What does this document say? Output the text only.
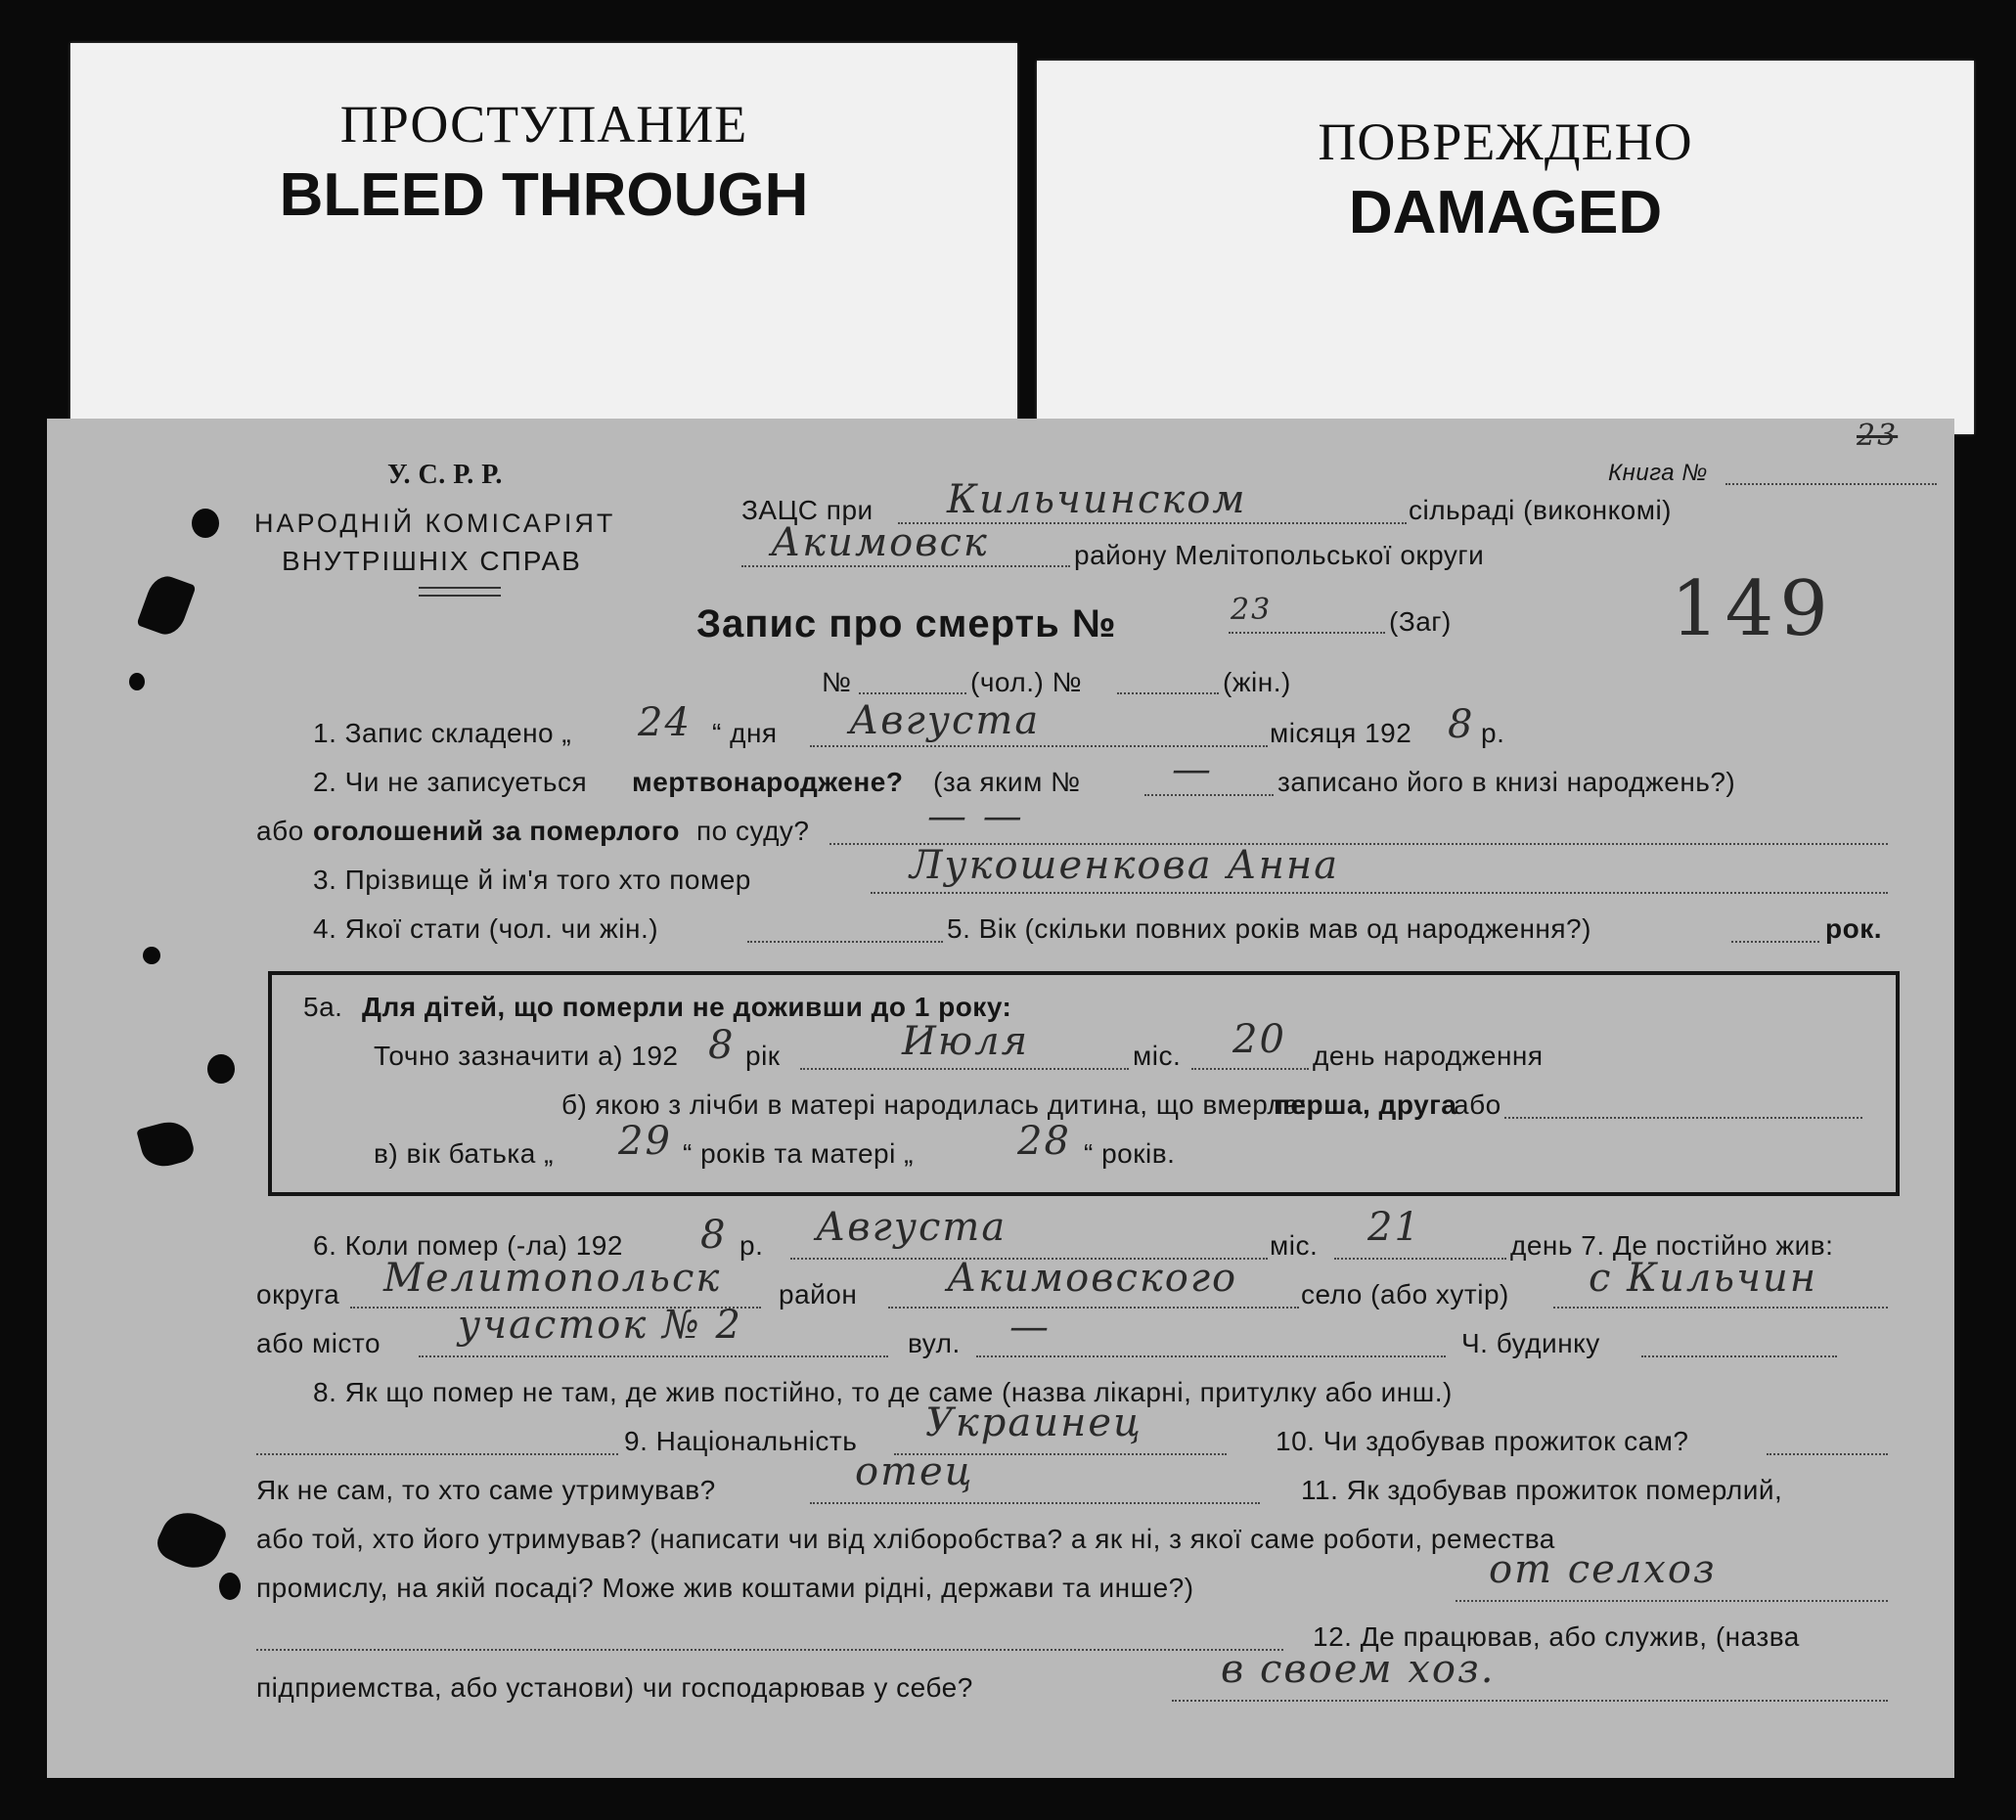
ПРОСТУПАНИЕ
BLEED THROUGH
ПОВРЕЖДЕНО
DAMAGED
У. С. Р. Р.
НАРОДНІЙ КОМІСАРІЯТ
ВНУТРІШНІХ СПРАВ
Книга №
23
ЗАЦС при Кильчинском	сільраді (виконкомі)
Акимовск	району Мелітопольської округи
Запис про смерть №	23	(Заг)	149
№	(чол.) №	(жін.)
1. Запис складено „ 24 “ дня Августа	місяця 192 8 р.
2. Чи не записуеться мертвонароджене? (за яким № — записано його в книзі народжень?)
або оголошений за померлого по суду?	— —
3. Прізвище й ім'я того хто помер	Лукошенкова Анна
4. Якої стати (чол. чи жін.)	5. Вік (скільки повних років мав од народження?)	рок.
5а. Для дітей, що померли не доживши до 1 року:
Точно зазначити а) 192 8 рік	Июля	міс. 20 день народження
б) якою з лічби в матері народилась дитина, що вмерла:
перша, друга
або
в) вік батька „ 29 “ років та матері „	28 “ років.
6. Коли помер (-ла) 192 8 р. Августа	міс. 21	день 7. Де постійно жив:
округа Мелитопольск район Акимовского село (або хутір) с Кильчин
або місто участок № 2	вул. —	Ч. будинку
8. Як що помер не там, де жив постійно, то де саме (назва лікарні, притулку або инш.)
9. Національність Украинец	10. Чи здобував прожиток сам?
Як не сам, то хто саме утримував?	отец	11. Як здобував прожиток померлий,
або той, хто його утримував? (написати чи від хліборобства? а як ні, з якої саме роботи, ремества
промислу, на якій посаді? Може жив коштами рідні, держави та инше?)	от селхоз
12. Де працював, або служив, (назва
підприемства, або установи) чи господарював у себе?	в своем хоз.
